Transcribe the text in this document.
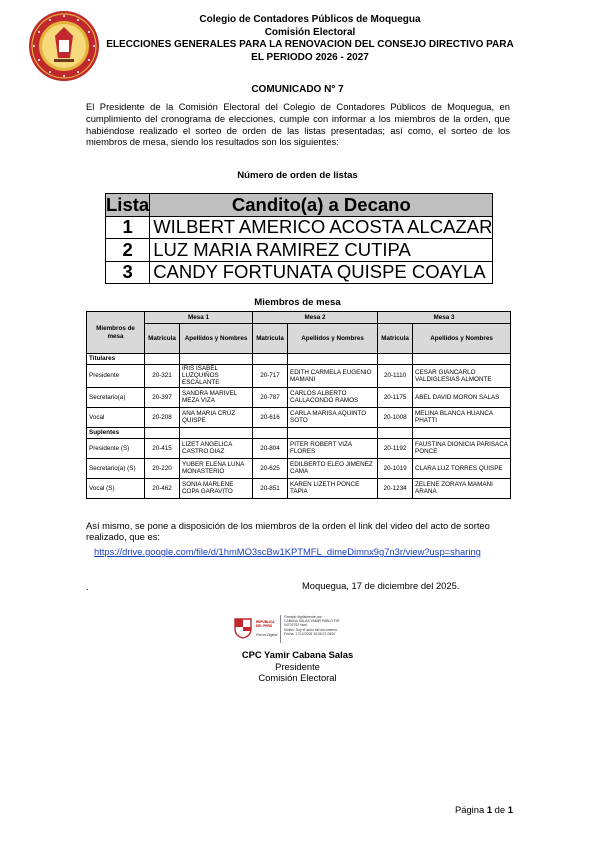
Colegio de Contadores Públicos de Moquegua
Comisión Electoral
ELECCIONES GENERALES PARA LA RENOVACION DEL CONSEJO DIRECTIVO PARA
EL PERIODO 2026 - 2027
COMUNICADO N° 7
El Presidente de la Comisión Electoral del Colegio de Contadores Públicos de Moquegua, en cumplimiento del cronograma de elecciones, cumple con informar a los miembros de la orden, que habiéndose realizado el sorteo de orden de las listas presentadas; así como, el sorteo de los miembros de mesa, siendo los resultados son los siguientes:
Número de orden de listas
Lista	Candito(a) a Decano
1	WILBERT AMERICO ACOSTA ALCAZAR
2	LUZ MARIA RAMIREZ CUTIPA
3	CANDY FORTUNATA QUISPE COAYLA
Miembros de mesa
Miembros de mesa	Mesa 1		Mesa 2		Mesa 3	
	Matricula	Apellidos y Nombres	Matricula	Apellidos y Nombres	Matricula	Apellidos y Nombres
Titulares						
Presidente	20-321	IRIS ISABEL LUZQUIÑOS ESCALANTE	20-717	EDITH CARMELA EUGENIO MAMANI	20-1110	CESAR GIANCARLO VALDIGLESIAS ALMONTE
Secretario(a)	20-397	SANDRA MARIVEL MEZA VIZA	20-787	CARLOS ALBERTO CALLACONDO RAMOS	20-1175	ABEL DAVID MORON SALAS
Vocal	20-208	ANA MARIA CRUZ QUISPE	20-616	CARLA MARISA AQUINTO SOTO	20-1008	MELINA BLANCA HUANCA PHATTI
Suplentes						
Presidente (S)	20-415	LIZET ANGELICA CASTRO DIAZ	20-804	PITER ROBERT VIZA FLORES	20-1192	FAUSTINA DIONICIA PARISACA PONCE
Secretario(a) (S)	20-220	YUBER ELENA LUNA MONASTERIO	20-625	EDILBERTO ELEO JIMENEZ CAMA	20-1019	CLARA LUZ TORRES QUISPE
Vocal (S)	20-462	SONIA MARLENE COPA GARAVITO	20-851	KAREN LIZETH PONCE TAPIA	20-1234	ZELENE ZORAYA MAMANI ARANA
Así mismo, se pone a disposición de los miembros de la orden el link del video del acto de sorteo realizado, que es:
https://drive.google.com/file/d/1hmMO3scBw1KPTMFL_dimeDimnx9g7n3r/view?usp=sharing
.	Moquegua, 17 de diciembre del 2025.
REPÚBLICA
DEL PERÚ
Firma Digital
Firmado digitalmente por:
CABANA SALAS YAMIR PABLO FIR
04703792 hard
Motivo: Soy el autor del documento
Fecha: 17/12/2025 15:55:07-0500
CPC Yamir Cabana Salas
Presidente
Comisión Electoral
Página 1 de 1
